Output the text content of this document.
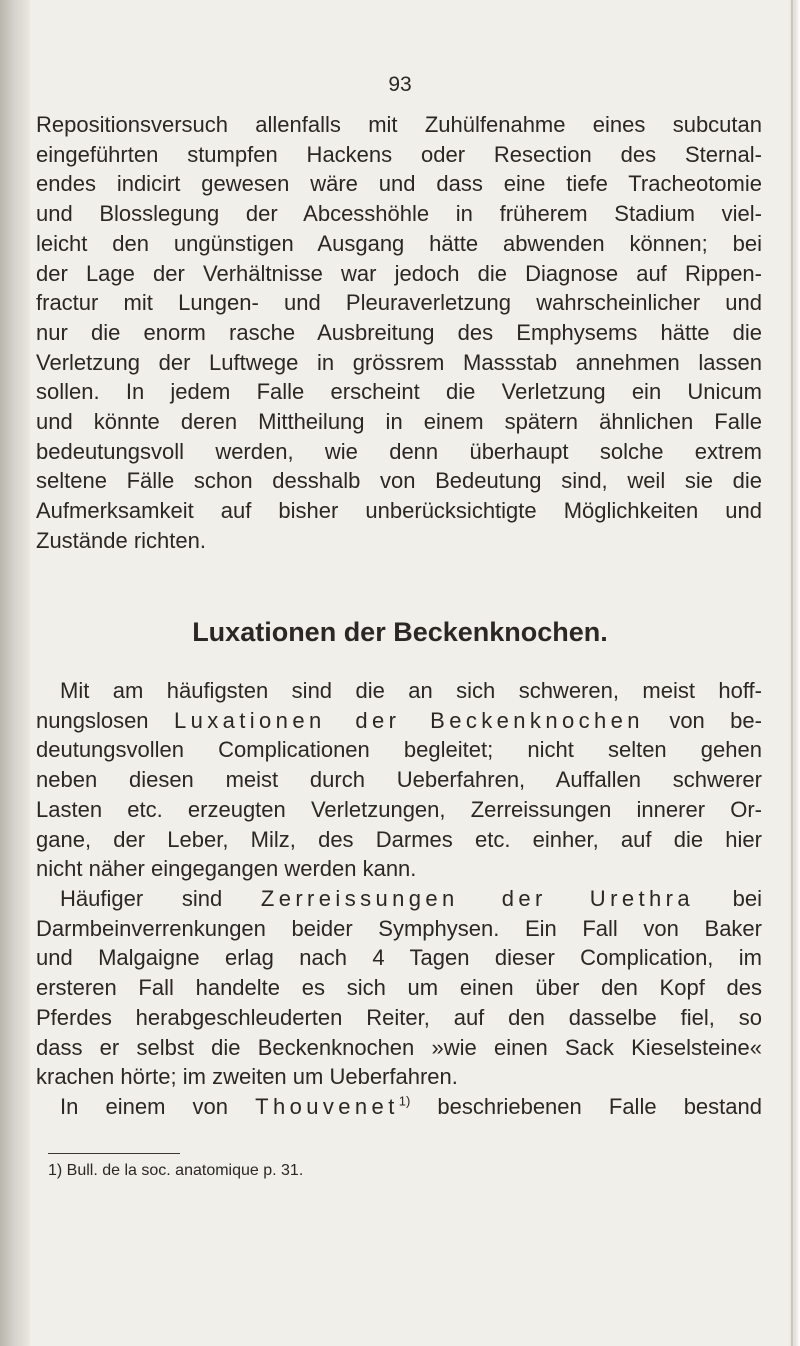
93
Repositionsversuch allenfalls mit Zuhülfenahme eines subcutan
eingeführten stumpfen Hackens oder Resection des Sternal-
endes indicirt gewesen wäre und dass eine tiefe Tracheotomie
und Blosslegung der Abcesshöhle in früherem Stadium viel-
leicht den ungünstigen Ausgang hätte abwenden können; bei
der Lage der Verhältnisse war jedoch die Diagnose auf Rippen-
fractur mit Lungen- und Pleuraverletzung wahrscheinlicher und
nur die enorm rasche Ausbreitung des Emphysems hätte die
Verletzung der Luftwege in grössrem Massstab annehmen lassen
sollen. In jedem Falle erscheint die Verletzung ein Unicum
und könnte deren Mittheilung in einem spätern ähnlichen Falle
bedeutungsvoll werden, wie denn überhaupt solche extrem
seltene Fälle schon desshalb von Bedeutung sind, weil sie die
Aufmerksamkeit auf bisher unberücksichtigte Möglichkeiten und
Zustände richten.
Luxationen der Beckenknochen.
Mit am häufigsten sind die an sich schweren, meist hoff-
nungslosen Luxationen der Beckenknochen von be-
deutungsvollen Complicationen begleitet; nicht selten gehen
neben diesen meist durch Ueberfahren, Auffallen schwerer
Lasten etc. erzeugten Verletzungen, Zerreissungen innerer Or-
gane, der Leber, Milz, des Darmes etc. einher, auf die hier
nicht näher eingegangen werden kann.
Häufiger sind Zerreissungen der Urethra bei
Darmbeinverrenkungen beider Symphysen. Ein Fall von Baker
und Malgaigne erlag nach 4 Tagen dieser Complication, im
ersteren Fall handelte es sich um einen über den Kopf des
Pferdes herabgeschleuderten Reiter, auf den dasselbe fiel, so
dass er selbst die Beckenknochen »wie einen Sack Kieselsteine«
krachen hörte; im zweiten um Ueberfahren.
In einem von Thouvenet$^{1)}$ beschriebenen Falle bestand

1) Bull. de la soc. anatomique p. 31.
